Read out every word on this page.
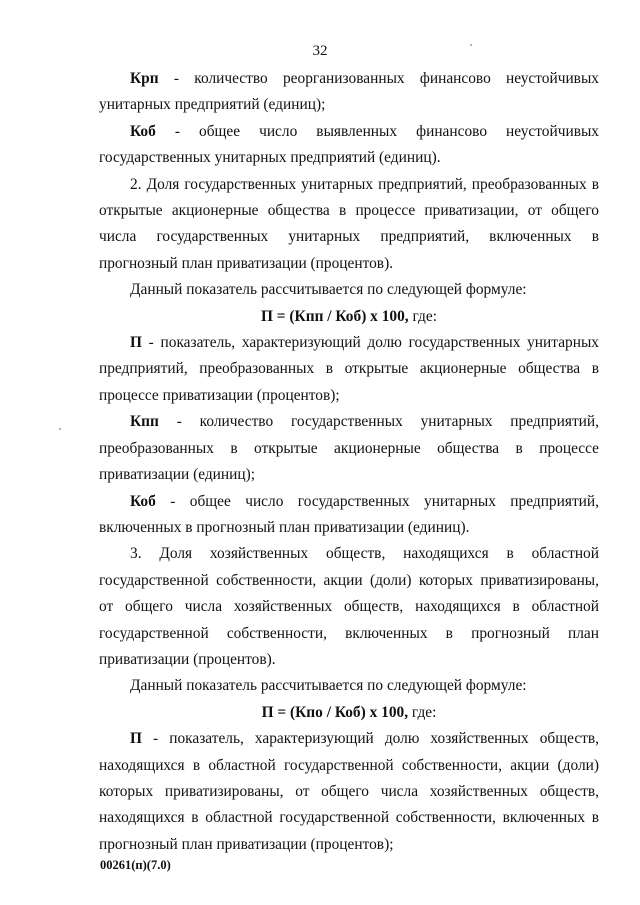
32

Крп - количество реорганизованных финансово неустойчивых унитарных предприятий (единиц);

Коб - общее число выявленных финансово неустойчивых государственных унитарных предприятий (единиц).

2. Доля государственных унитарных предприятий, преобразованных в открытые акционерные общества в процессе приватизации, от общего числа государственных унитарных предприятий, включенных в прогнозный план приватизации (процентов).

Данный показатель рассчитывается по следующей формуле:

П = (Кпп / Коб) х 100, где:

П - показатель, характеризующий долю государственных унитарных предприятий, преобразованных в открытые акционерные общества в процессе приватизации (процентов);

Кпп - количество государственных унитарных предприятий, преобразованных в открытые акционерные общества в процессе приватизации (единиц);

Коб - общее число государственных унитарных предприятий, включенных в прогнозный план приватизации (единиц).

3. Доля хозяйственных обществ, находящихся в областной государственной собственности, акции (доли) которых приватизированы, от общего числа хозяйственных обществ, находящихся в областной государственной собственности, включенных в прогнозный план приватизации (процентов).

Данный показатель рассчитывается по следующей формуле:

П = (Кпо / Коб) х 100, где:

П - показатель, характеризующий долю хозяйственных обществ, находящихся в областной государственной собственности, акции (доли) которых приватизированы, от общего числа хозяйственных обществ, находящихся в областной государственной собственности, включенных в прогнозный план приватизации (процентов);

00261(п)(7.0)
